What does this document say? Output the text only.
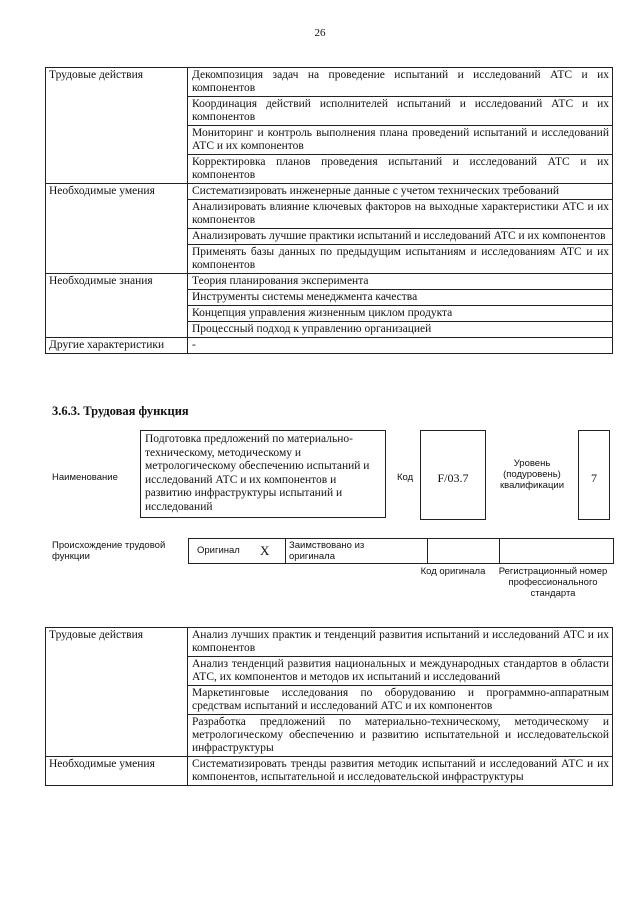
26
Трудовые действия	Декомпозиция задач на проведение испытаний и исследований АТС и их компонентов
	Координация действий исполнителей испытаний и исследований АТС и их компонентов
	Мониторинг и контроль выполнения плана проведений испытаний и исследований АТС и их компонентов
	Корректировка планов проведения испытаний и исследований АТС и их компонентов
Необходимые умения	Систематизировать инженерные данные с учетом технических требований
	Анализировать влияние ключевых факторов на выходные характеристики АТС и их компонентов
	Анализировать лучшие практики испытаний и исследований АТС и их компонентов
	Применять базы данных по предыдущим испытаниям и исследованиям АТС и их компонентов
Необходимые знания	Теория планирования эксперимента
	Инструменты системы менеджмента качества
	Концепция управления жизненным циклом продукта
	Процессный подход к управлению организацией
Другие характеристики	-
3.6.3. Трудовая функция
Наименование
Подготовка предложений по материально-техническому, методическому и метрологическому обеспечению испытаний и исследований АТС и их компонентов и развитию инфраструктуры испытаний и исследований
Код	F/03.7
Уровень (подуровень) квалификации
7
Происхождение трудовой функции
Оригинал X Заимствовано из оригинала
Код оригинала Регистрационный номер профессионального стандарта
Трудовые действия	Анализ лучших практик и тенденций развития испытаний и исследований АТС и их компонентов
	Анализ тенденций развития национальных и международных стандартов в области АТС, их компонентов и методов их испытаний и исследований
	Маркетинговые исследования по оборудованию и программно-аппаратным средствам испытаний и исследований АТС и их компонентов
	Разработка предложений по материально-техническому, методическому и метрологическому обеспечению и развитию испытательной и исследовательской инфраструктуры
Необходимые умения	Систематизировать тренды развития методик испытаний и исследований АТС и их компонентов, испытательной и исследовательской инфраструктуры
